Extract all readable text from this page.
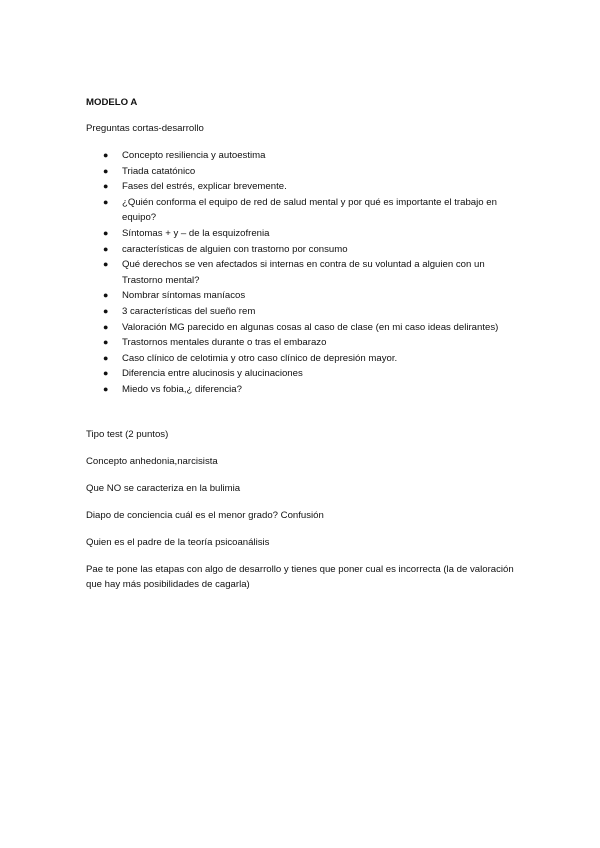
MODELO A

Preguntas cortas-desarrollo

● Concepto resiliencia y autoestima
● Triada catatónico
● Fases del estrés, explicar brevemente.
● ¿Quién conforma el equipo de red de salud mental y por qué es importante el trabajo en equipo?
● Síntomas + y – de la esquizofrenia
● características de alguien con trastorno por consumo
● Qué derechos se ven afectados si internas en contra de su voluntad a alguien con un Trastorno mental?
● Nombrar síntomas maníacos
● 3 características del sueño rem
● Valoración MG parecido en algunas cosas al caso de clase (en mi caso ideas delirantes)
● Trastornos mentales durante o tras el embarazo
● Caso clínico de celotimia y otro caso clínico de depresión mayor.
● Diferencia entre alucinosis y alucinaciones
● Miedo vs fobia,¿ diferencia?

Tipo test (2 puntos)

Concepto anhedonia,narcisista

Que NO se caracteriza en la bulimia

Diapo de conciencia cuál es el menor grado? Confusión

Quien es el padre de la teoría psicoanálisis

Pae te pone las etapas con algo de desarrollo y tienes que poner cual es incorrecta (la de valoración que hay más posibilidades de cagarla)
